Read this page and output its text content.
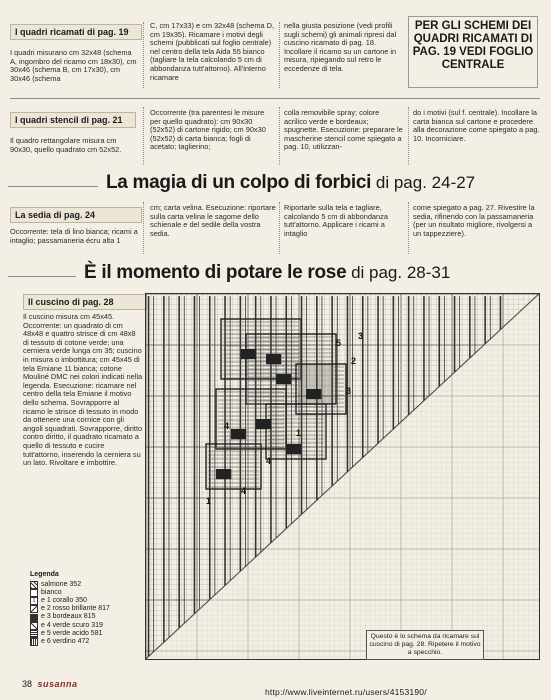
I quadri ricamati di pag. 19
I quadri misurano cm 32x48 (schema A, ingombro del ricamo cm 18x30), cm 30x46 (schema B, cm 17x30), cm 30x46 (schema
C, cm 17x33) e cm 32x48 (schema D, cm 19x35). Ricamare i motivi degli schemi (pubblicati sul foglio centrale) nel centro della tela Aida 55 bianco (tagliare la tela calcolando 5 cm di abbondanza tutt'attorno). All'interno ricamare
nella giusta posizione (vedi profili sugli schemi) gli animali ripresi dal cuscino ricamato di pag. 18. Incollare il ricamo su un cartone in misura, ripiegando sul retro le eccedenze di tela.
PER GLI SCHEMI DEI QUADRI RICAMATI DI PAG. 19 VEDI FOGLIO CENTRALE
I quadri stencil di pag. 21
Il quadro rettangolare misura cm 90x30, quello quadrato cm 52x52.
Occorrente (tra parentesi le misure per quello quadrato): cm 90x30 (52x52) di cartone rigido; cm 90x30 (52x52) di carta bianca; fogli di acetato; taglierino;
colla removibile spray; colore acrilico verde e bordeaux; spugnette. Esecuzione: preparare le mascherine stencil come spiegato a pag. 10, utilizzan-
do i motivi (sul f. centrale). Incollare la carta bianca sul cartone e procedere alla decorazione come spiegato a pag. 10. Incorniciare.
La magia di un colpo di forbici di pag. 24-27
La sedia di pag. 24
Occorrente: tela di lino bianca; ricami a intaglio; passamaneria écru alta 1
cm; carta velina. Esecuzione: riportare sulla carta velina le sagome dello schienale e del sedile della vostra sedia.
Riportarle sulla tela e tagliare, calcolando 5 cm di abbondanza tutt'attorno. Applicare i ricami a intaglio
come spiegato a pag. 27. Rivestire la sedia, rifinendo con la passamaneria (per un risultato migliore, rivolgersi a un tappezziere).
È il momento di potare le rose di pag. 28-31
Il cuscino di pag. 28
Il cuscino misura cm 45x45. Occorrente: un quadrato di cm 48x48 e quattro strisce di cm 48x8 di tessuto di cotone verde; una cerniera verde lunga cm 35; cuscino in misura o imbottitura; cm 45x45 di tela Emiane 11 bianca; cotone Mouliné DMC nei colori indicati nella legenda. Esecuzione: ricamare nel centro della tela Emiane il motivo dello schema. Sovrapporre al ricamo le strisce di tessuto in modo da ottenere una cornice con gli angoli squadrati. Sovrapporre, diritto contro diritto, il quadrato ricamato a quello di tessuto e cucire tutt'attorno, inserendo la cerniera su un lato. Rivoltare e imbottire.
Legenda
salmone 352
bianco
1 e 1 corallo 350
e 2 rosso brillante 817
e 3 bordeaux 815
e 4 verde scuro 319
e 5 verde acido 581
e 6 verdino 472
5
3
4
1
4
2
4
1
3
Questo è lo schema da ricamare sul cuscino di pag. 28. Ripetere il motivo a specchio.
38 susanna
http://www.liveinternet.ru/users/4153190/
